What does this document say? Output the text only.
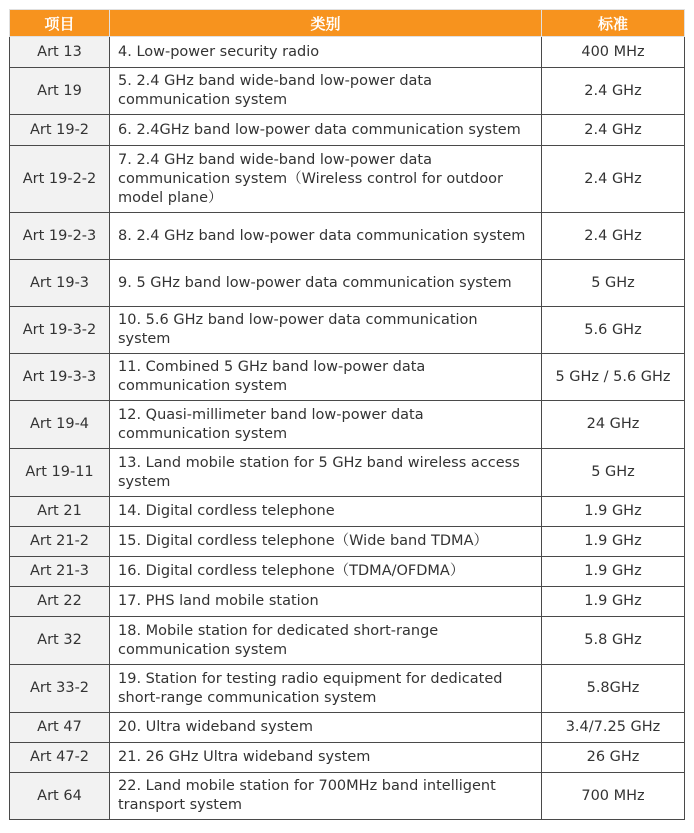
项目	类别	标准
Art 13	4. Low-power security radio	400 MHz
Art 19	5. 2.4 GHz band wide-band low-power data communication system	2.4 GHz
Art 19-2	6. 2.4GHz band low-power data communication system	2.4 GHz
Art 19-2-2	7. 2.4 GHz band wide-band low-power data communication system（Wireless control for outdoor model plane）	2.4 GHz
Art 19-2-3	8. 2.4 GHz band low-power data communication system	2.4 GHz
Art 19-3	9. 5 GHz band low-power data communication system	5 GHz
Art 19-3-2	10. 5.6 GHz band low-power data communication system	5.6 GHz
Art 19-3-3	11. Combined 5 GHz band low-power data communication system	5 GHz / 5.6 GHz
Art 19-4	12. Quasi-millimeter band low-power data communication system	24 GHz
Art 19-11	13. Land mobile station for 5 GHz band wireless access system	5 GHz
Art 21	14. Digital cordless telephone	1.9 GHz
Art 21-2	15. Digital cordless telephone（Wide band TDMA）	1.9 GHz
Art 21-3	16. Digital cordless telephone（TDMA/OFDMA）	1.9 GHz
Art 22	17. PHS land mobile station	1.9 GHz
Art 32	18. Mobile station for dedicated short-range communication system	5.8 GHz
Art 33-2	19. Station for testing radio equipment for dedicated short-range communication system	5.8GHz
Art 47	20. Ultra wideband system	3.4/7.25 GHz
Art 47-2	21. 26 GHz Ultra wideband system	26 GHz
Art 64	22. Land mobile station for 700MHz band intelligent transport system	700 MHz
